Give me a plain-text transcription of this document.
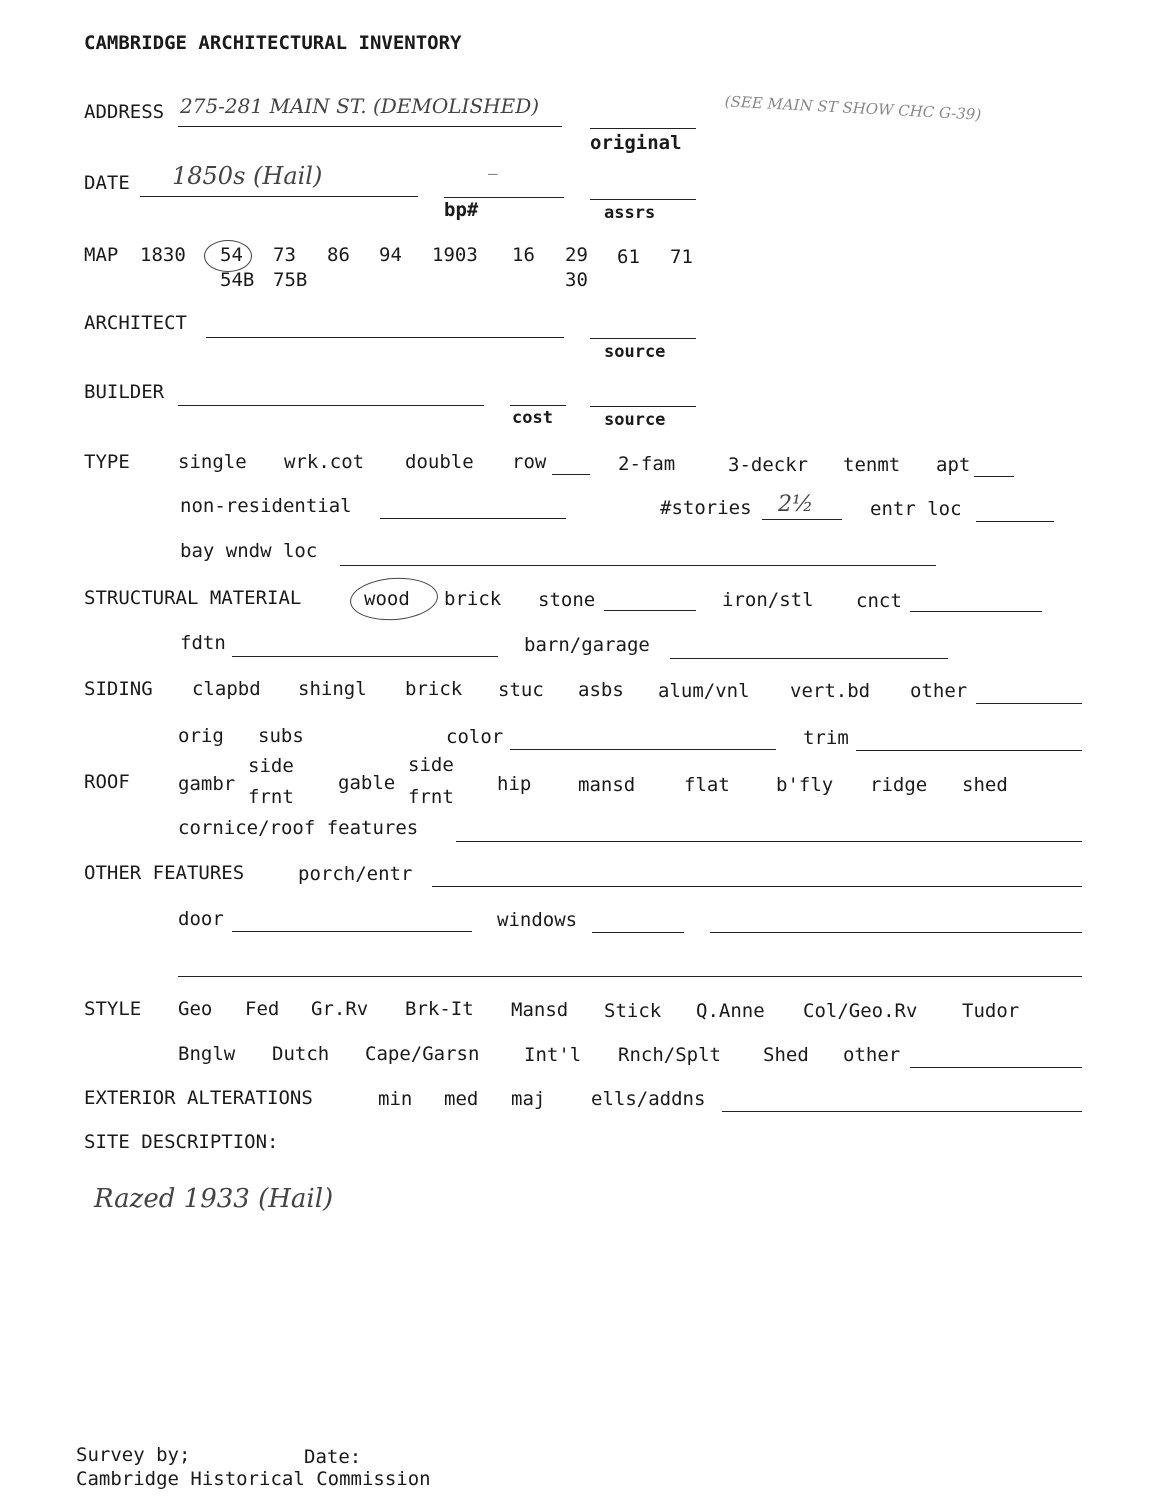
CAMBRIDGE ARCHITECTURAL INVENTORY
ADDRESS 275-281 MAIN ST. (DEMOLISHED)
original
(SEE MAIN ST SHOW CHC G-39)
DATE 1850s (Hail)	—
bp#	assrs
MAP 1830 54 73 86 94 1903 16 29 61 71
54B 75B	30
ARCHITECT
source
BUILDER
cost	source
TYPE	single wrk.cot double row	2-fam	3-deckr tenmt apt
non-residential	#stories 2½	entr loc
bay wndw loc
STRUCTURAL MATERIAL	wood brick stone	iron/stl cnct
fdtn	barn/garage
SIDING clapbd shingl brick stuc asbs alum/vnl vert.bd other
orig subs	color	trim
ROOF	gambr
side
frnt
gable
side
frnt
hip mansd	flat b'fly ridge shed
cornice/roof features
OTHER FEATURES	porch/entr
door	windows
STYLE Geo Fed Gr.Rv Brk-It Mansd Stick Q.Anne Col/Geo.Rv Tudor
Bnglw Dutch Cape/Garsn Int'l Rnch/Splt Shed other
EXTERIOR ALTERATIONS	min med maj ells/addns
SITE DESCRIPTION:
Razed 1933 (Hail)
Survey by;	Date:
Cambridge Historical Commission
